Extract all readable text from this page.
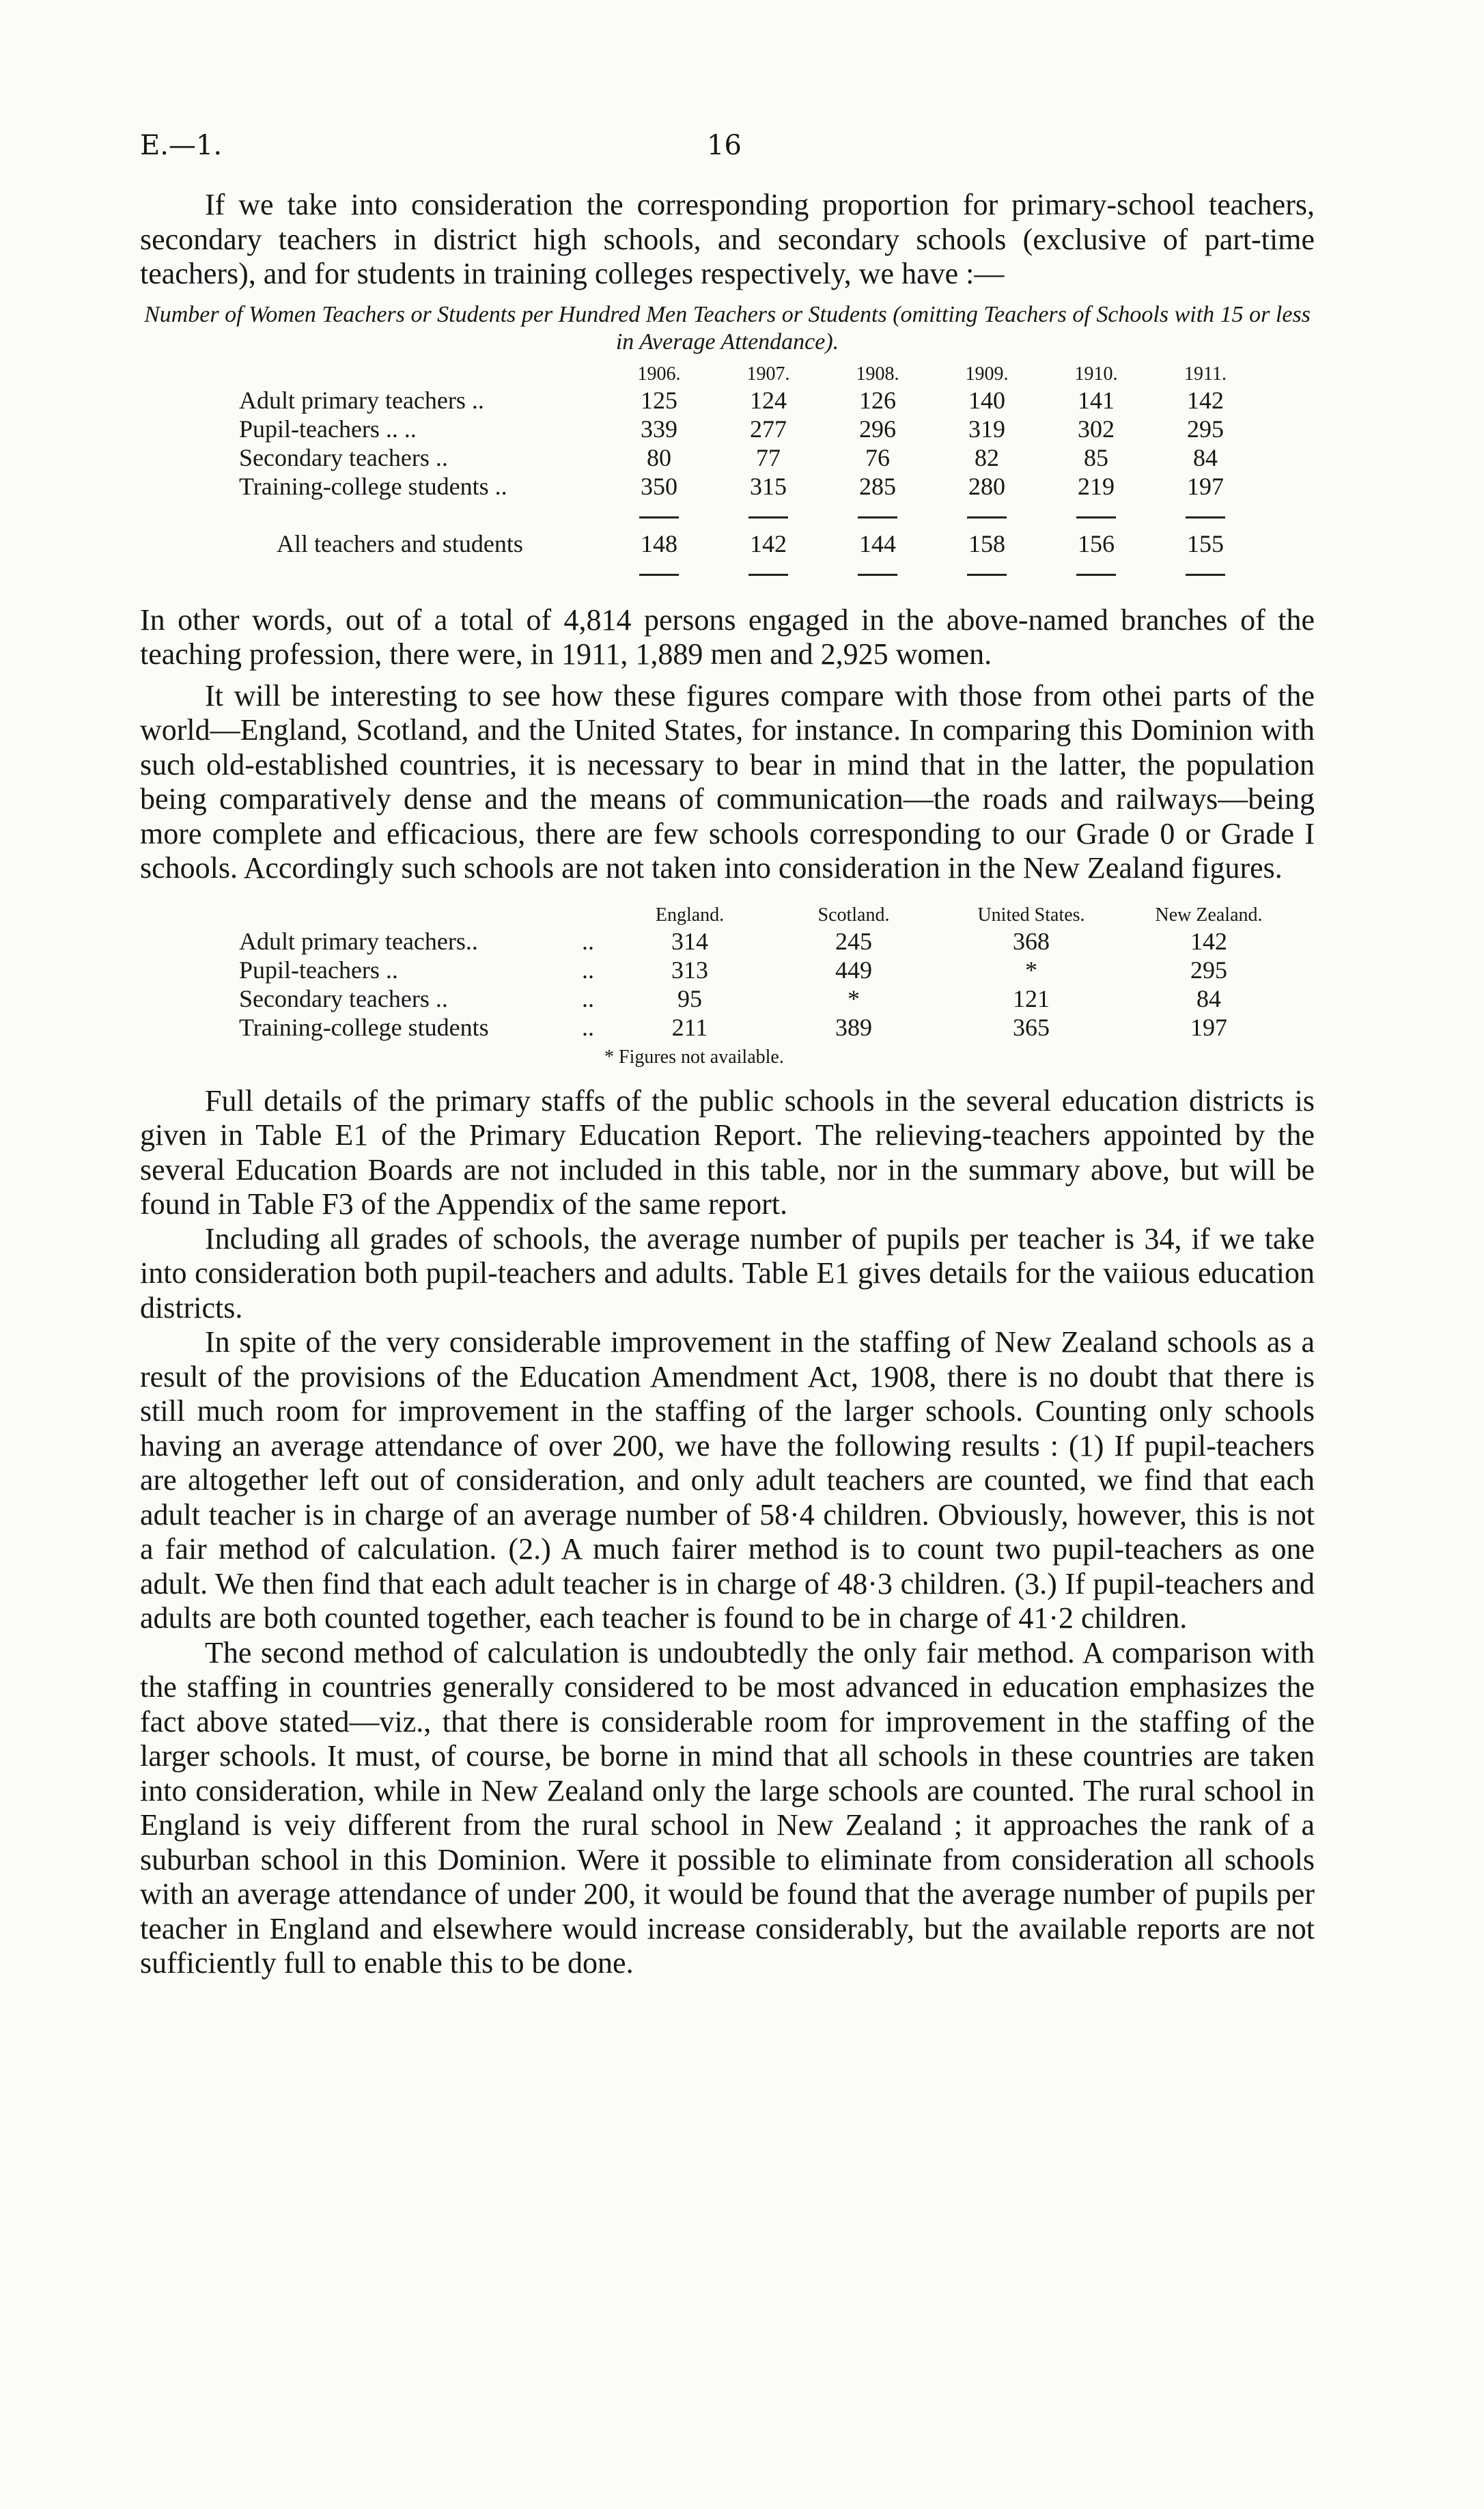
E.—1.	16

If we take into consideration the corresponding proportion for primary-school teachers, secondary teachers in district high schools, and secondary schools (exclusive of part-time teachers), and for students in training colleges respectively, we have :—

Number of Women Teachers or Students per Hundred Men Teachers or Students (omitting Teachers of Schools with 15 or less in Average Attendance).
	1906.	1907.	1908.	1909.	1910.	1911.
Adult primary teachers ..	125	124	126	140	141	142
Pupil-teachers .. ..	339	277	296	319	302	295
Secondary teachers ..	80	77	76	82	85	84
Training-college students ..	350	315	285	280	219	197

All teachers and students	148	142	144	158	156	155

In other words, out of a total of 4,814 persons engaged in the above-named branches of the teaching profession, there were, in 1911, 1,889 men and 2,925 women.

It will be interesting to see how these figures compare with those from othei parts of the world—England, Scotland, and the United States, for instance. In comparing this Dominion with such old-established countries, it is necessary to bear in mind that in the latter, the population being comparatively dense and the means of communication—the roads and railways—being more complete and efficacious, there are few schools corresponding to our Grade 0 or Grade I schools. Accordingly such schools are not taken into consideration in the New Zealand figures.

	England.	Scotland.	United States.	New Zealand.
Adult primary teachers.. ..	314	245	368	142
Pupil-teachers .. ..	313	449	*	295
Secondary teachers .. ..	95	*	121	84
Training-college students ..	211	389	365	197
* Figures not available.

Full details of the primary staffs of the public schools in the several education districts is given in Table E1 of the Primary Education Report. The relieving-teachers appointed by the several Education Boards are not included in this table, nor in the summary above, but will be found in Table F3 of the Appendix of the same report.

Including all grades of schools, the average number of pupils per teacher is 34, if we take into consideration both pupil-teachers and adults. Table E1 gives details for the vaiious education districts.

In spite of the very considerable improvement in the staffing of New Zealand schools as a result of the provisions of the Education Amendment Act, 1908, there is no doubt that there is still much room for improvement in the staffing of the larger schools. Counting only schools having an average attendance of over 200, we have the following results : (1) If pupil-teachers are altogether left out of consideration, and only adult teachers are counted, we find that each adult teacher is in charge of an average number of 58·4 children. Obviously, however, this is not a fair method of calculation. (2.) A much fairer method is to count two pupil-teachers as one adult. We then find that each adult teacher is in charge of 48·3 children. (3.) If pupil-teachers and adults are both counted together, each teacher is found to be in charge of 41·2 children.

The second method of calculation is undoubtedly the only fair method. A comparison with the staffing in countries generally considered to be most advanced in education emphasizes the fact above stated—viz., that there is considerable room for improvement in the staffing of the larger schools. It must, of course, be borne in mind that all schools in these countries are taken into consideration, while in New Zealand only the large schools are counted. The rural school in England is veiy different from the rural school in New Zealand ; it approaches the rank of a suburban school in this Dominion. Were it possible to eliminate from consideration all schools with an average attendance of under 200, it would be found that the average number of pupils per teacher in England and elsewhere would increase considerably, but the available reports are not sufficiently full to enable this to be done.
